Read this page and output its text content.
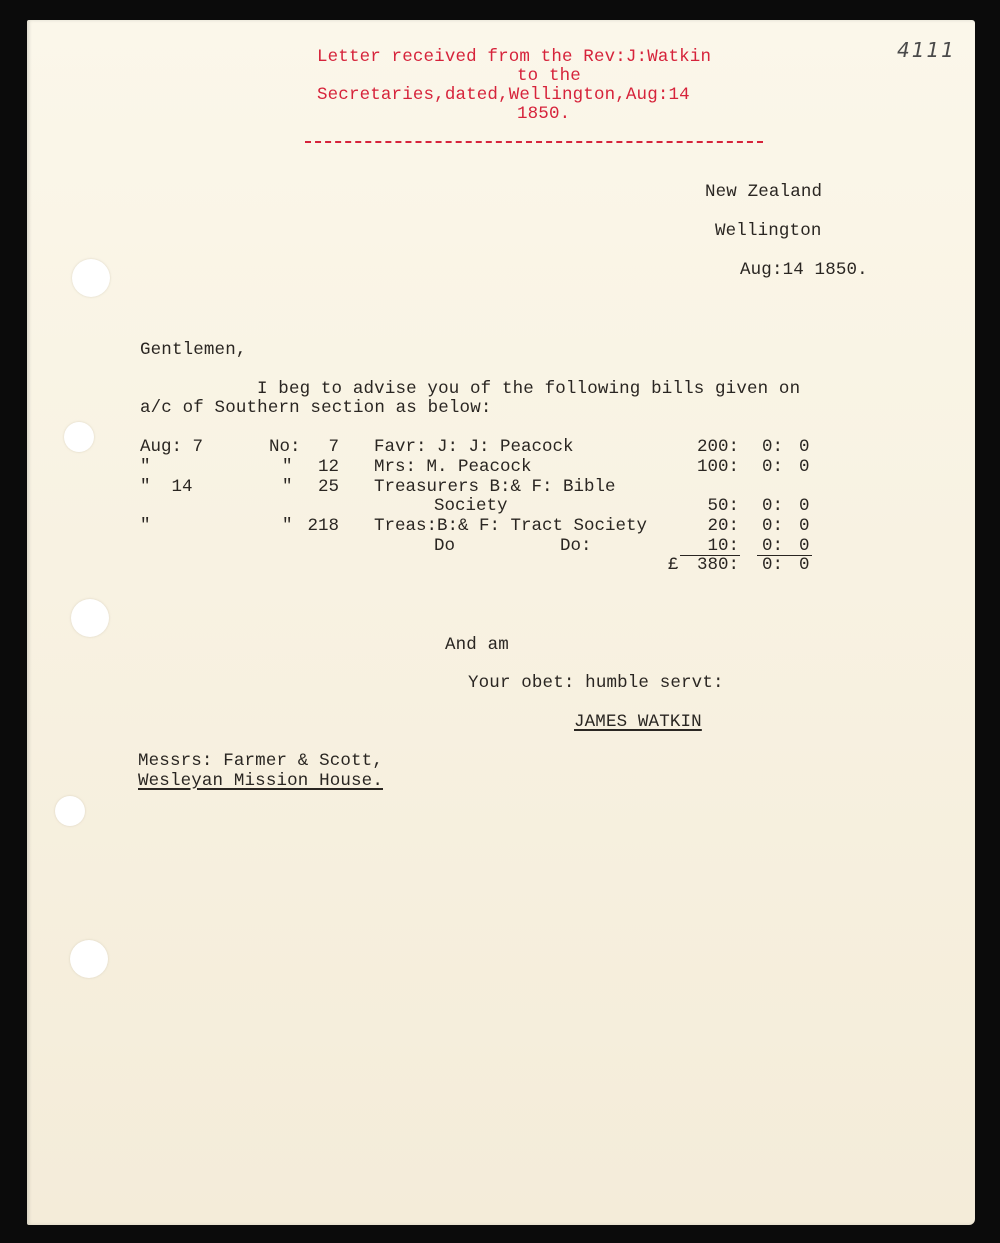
4111
Letter received from the Rev:J:Watkin
to the
Secretaries,dated,Wellington,Aug:14
1850.
New Zealand
Wellington
Aug:14 1850.
Gentlemen,
I beg to advise you of the following bills given on
a/c of Southern section as below:
Aug: 7	No:	7 Favr: J: J: Peacock	200: 0: 0
"	"	12 Mrs: M. Peacock	100: 0: 0
"  14	"	25 Treasurers B:& F: Bible
Society	50: 0: 0
"	" 218 Treas:B:& F: Tract Society	20: 0: 0
Do          Do:	10: 0: 0
£	380: 0: 0
And am
Your obet: humble servt:
JAMES WATKIN
Messrs: Farmer & Scott,
Wesleyan Mission House.
